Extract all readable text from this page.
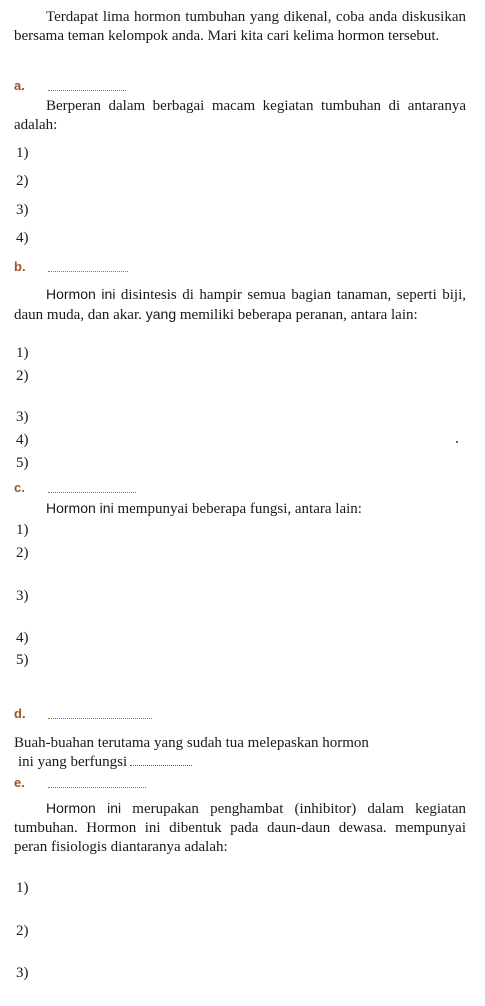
Terdapat lima hormon tumbuhan yang dikenal, coba anda diskusikan bersama teman kelompok anda. Mari kita cari kelima hormon tersebut.
a.
Berperan dalam berbagai macam kegiatan tumbuhan di antaranya adalah:
1)
2)
3)
4)
b.
Hormon ini disintesis di hampir semua bagian tanaman, seperti biji, daun muda, dan akar. yang memiliki beberapa peranan, antara lain:
1)
2)
3)
4)
5)
c.
Hormon ini mempunyai beberapa fungsi, antara lain:
1)
2)
3)
4)
5)
d.
Buah-buahan terutama yang sudah tua melepaskan hormon
ini yang berfungsi
e.
Hormon ini merupakan penghambat (inhibitor) dalam kegiatan tumbuhan. Hormon ini dibentuk pada daun-daun dewasa. mempunyai peran fisiologis diantaranya adalah:
1)
2)
3)
